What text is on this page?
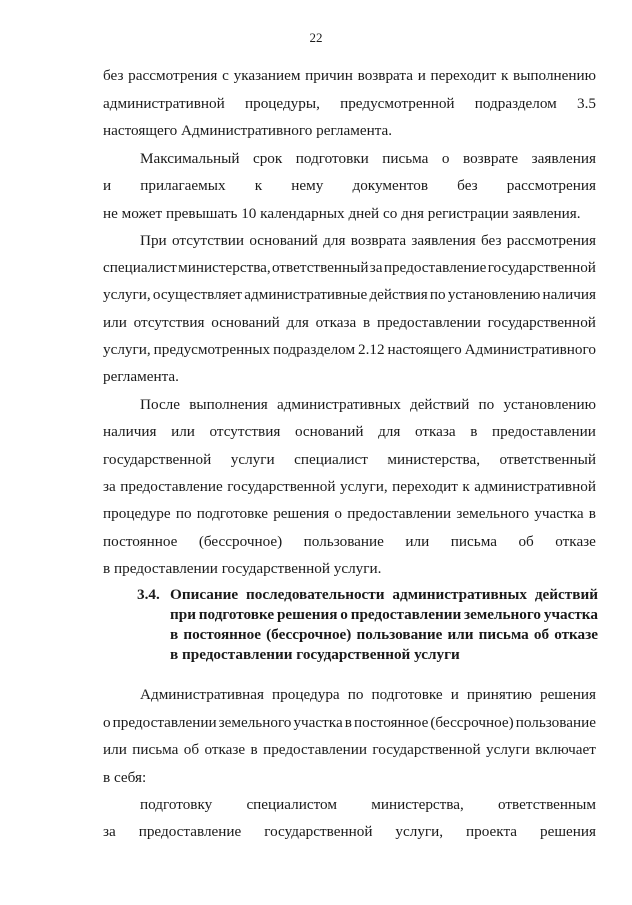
22
без рассмотрения с указанием причин возврата и переходит к выполнению
административной процедуры, предусмотренной подразделом 3.5
настоящего Административного регламента.
Максимальный срок подготовки письма о возврате заявления
и прилагаемых к нему документов без рассмотрения
не может превышать 10 календарных дней со дня регистрации заявления.
При отсутствии оснований для возврата заявления без рассмотрения
специалист министерства, ответственный за предоставление государственной
услуги, осуществляет административные действия по установлению наличия
или отсутствия оснований для отказа в предоставлении государственной
услуги, предусмотренных подразделом 2.12 настоящего Административного
регламента.
После выполнения административных действий по установлению
наличия или отсутствия оснований для отказа в предоставлении
государственной услуги специалист министерства, ответственный
за предоставление государственной услуги, переходит к административной
процедуре по подготовке решения о предоставлении земельного участка в
постоянное (бессрочное) пользование или письма об отказе
в предоставлении государственной услуги.
Административная процедура по подготовке и принятию решения
о предоставлении земельного участка в постоянное (бессрочное) пользование
или письма об отказе в предоставлении государственной услуги включает
в себя:
подготовку специалистом министерства, ответственным
за предоставление государственной услуги, проекта решения
3.4. Описание последовательности административных действий
при подготовке решения о предоставлении земельного участка
в постоянное (бессрочное) пользование или письма об отказе
в предоставлении государственной услуги
